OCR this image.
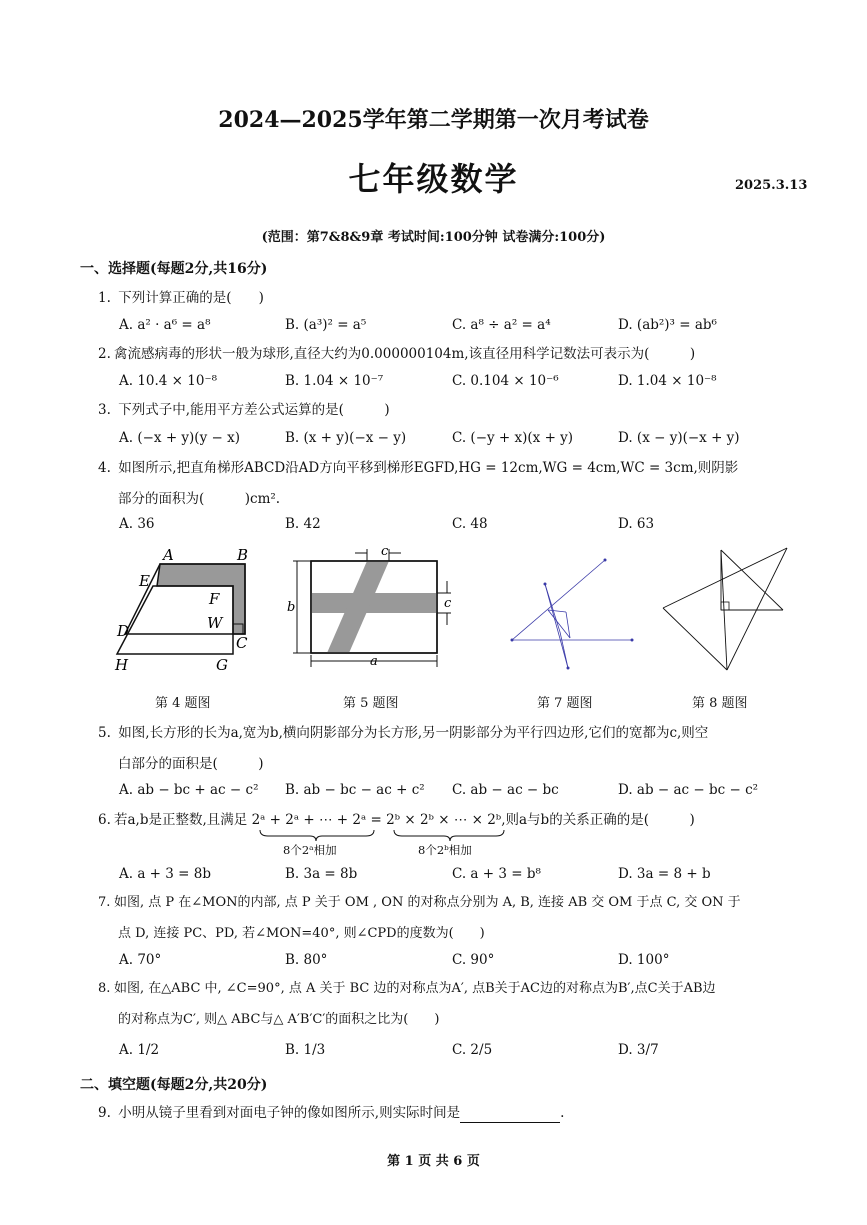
2024—2025学年第二学期第一次月考试卷
七年级数学	2025.3.13
(范围：第7&8&9章 考试时间:100分钟 试卷满分:100分)
一、选择题(每题2分,共16分)
1. 下列计算正确的是(　　)
A. a² · a⁶ = a⁸	B. (a³)² = a⁵	C. a⁸ ÷ a² = a⁴	D. (ab²)³ = ab⁶
2. 禽流感病毒的形状一般为球形,直径大约为0.000000104m,该直径用科学记数法可表示为(　　　)
A. 10.4 × 10⁻⁸	B. 1.04 × 10⁻⁷	C. 0.104 × 10⁻⁶	D. 1.04 × 10⁻⁸
3. 下列式子中,能用平方差公式运算的是(　　　)
A. (−x + y)(y − x)	B. (x + y)(−x − y)	C. (−y + x)(x + y)	D. (x − y)(−x + y)
4. 如图所示,把直角梯形ABCD沿AD方向平移到梯形EGFD,HG = 12cm,WG = 4cm,WC = 3cm,则阴影
部分的面积为(　　　)cm².
A. 36	B. 42	C. 48	D. 63
A	B
E
F
W
D
C
H	G
c
b	c
a
第 4 题图	第 5 题图	第 7 题图	第 8 题图
5. 如图,长方形的长为a,宽为b,横向阴影部分为长方形,另一阴影部分为平行四边形,它们的宽都为c,则空
白部分的面积是(　　　)
A. ab − bc + ac − c² B. ab − bc − ac + c² C. ab − ac − bc	D. ab − ac − bc − c²
6. 若a,b是正整数,且满足 2ᵃ + 2ᵃ + ⋯ + 2ᵃ = 2ᵇ × 2ᵇ × ⋯ × 2ᵇ,则a与b的关系正确的是(　　　)
8个2ᵃ相加	8个2ᵇ相加
A. a + 3 = 8b	B. 3a = 8b	C. a + 3 = b⁸	D. 3a = 8 + b
7. 如图, 点 P 在∠MON的内部, 点 P 关于 OM , ON 的对称点分别为 A, B, 连接 AB 交 OM 于点 C, 交 ON 于
点 D, 连接 PC、PD, 若∠MON=40°, 则∠CPD的度数为(　　)
A. 70°	B. 80°	C. 90°	D. 100°
8. 如图, 在△ABC 中, ∠C=90°, 点 A 关于 BC 边的对称点为A′, 点B关于AC边的对称点为B′,点C关于AB边
的对称点为C′, 则△ ABC与△ A′B′C′的面积之比为(　　)
A. 1/2	B. 1/3	C. 2/5	D. 3/7
二、填空题(每题2分,共20分)
9. 小明从镜子里看到对面电子钟的像如图所示,则实际时间是	.
第 1 页 共 6 页
